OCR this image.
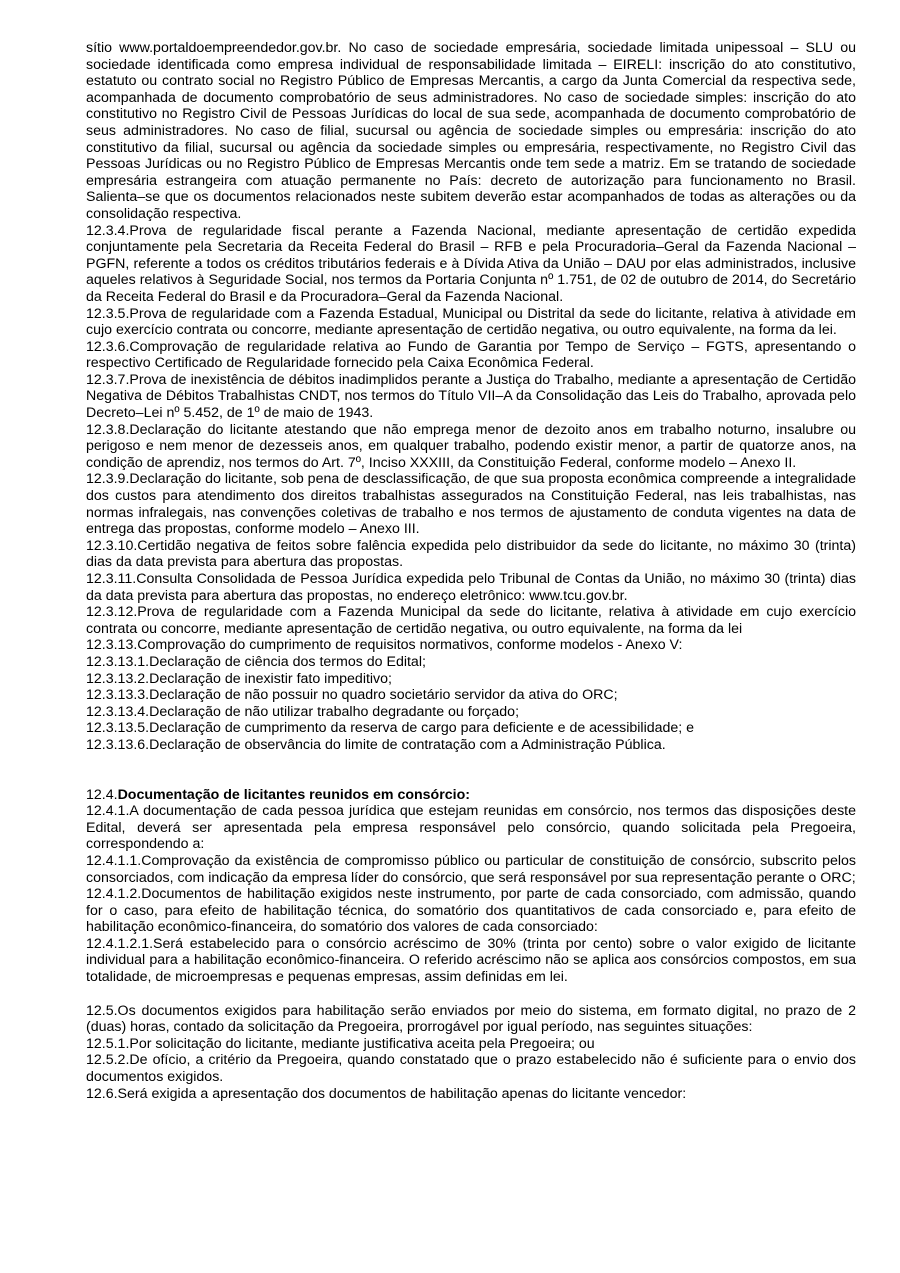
sítio www.portaldoempreendedor.gov.br. No caso de sociedade empresária, sociedade limitada unipessoal – SLU ou sociedade identificada como empresa individual de responsabilidade limitada – EIRELI: inscrição do ato constitutivo, estatuto ou contrato social no Registro Público de Empresas Mercantis, a cargo da Junta Comercial da respectiva sede, acompanhada de documento comprobatório de seus administradores. No caso de sociedade simples: inscrição do ato constitutivo no Registro Civil de Pessoas Jurídicas do local de sua sede, acompanhada de documento comprobatório de seus administradores. No caso de filial, sucursal ou agência de sociedade simples ou empresária: inscrição do ato constitutivo da filial, sucursal ou agência da sociedade simples ou empresária, respectivamente, no Registro Civil das Pessoas Jurídicas ou no Registro Público de Empresas Mercantis onde tem sede a matriz. Em se tratando de sociedade empresária estrangeira com atuação permanente no País: decreto de autorização para funcionamento no Brasil. Salienta–se que os documentos relacionados neste subitem deverão estar acompanhados de todas as alterações ou da consolidação respectiva.

12.3.4.Prova de regularidade fiscal perante a Fazenda Nacional, mediante apresentação de certidão expedida conjuntamente pela Secretaria da Receita Federal do Brasil – RFB e pela Procuradoria–Geral da Fazenda Nacional – PGFN, referente a todos os créditos tributários federais e à Dívida Ativa da União – DAU por elas administrados, inclusive aqueles relativos à Seguridade Social, nos termos da Portaria Conjunta nº 1.751, de 02 de outubro de 2014, do Secretário da Receita Federal do Brasil e da Procuradora–Geral da Fazenda Nacional.

12.3.5.Prova de regularidade com a Fazenda Estadual, Municipal ou Distrital da sede do licitante, relativa à atividade em cujo exercício contrata ou concorre, mediante apresentação de certidão negativa, ou outro equivalente, na forma da lei.

12.3.6.Comprovação de regularidade relativa ao Fundo de Garantia por Tempo de Serviço – FGTS, apresentando o respectivo Certificado de Regularidade fornecido pela Caixa Econômica Federal.

12.3.7.Prova de inexistência de débitos inadimplidos perante a Justiça do Trabalho, mediante a apresentação de Certidão Negativa de Débitos Trabalhistas CNDT, nos termos do Título VII–A da Consolidação das Leis do Trabalho, aprovada pelo Decreto–Lei nº 5.452, de 1º de maio de 1943.

12.3.8.Declaração do licitante atestando que não emprega menor de dezoito anos em trabalho noturno, insalubre ou perigoso e nem menor de dezesseis anos, em qualquer trabalho, podendo existir menor, a partir de quatorze anos, na condição de aprendiz, nos termos do Art. 7º, Inciso XXXIII, da Constituição Federal, conforme modelo – Anexo II.

12.3.9.Declaração do licitante, sob pena de desclassificação, de que sua proposta econômica compreende a integralidade dos custos para atendimento dos direitos trabalhistas assegurados na Constituição Federal, nas leis trabalhistas, nas normas infralegais, nas convenções coletivas de trabalho e nos termos de ajustamento de conduta vigentes na data de entrega das propostas, conforme modelo – Anexo III.

12.3.10.Certidão negativa de feitos sobre falência expedida pelo distribuidor da sede do licitante, no máximo 30 (trinta) dias da data prevista para abertura das propostas.

12.3.11.Consulta Consolidada de Pessoa Jurídica expedida pelo Tribunal de Contas da União, no máximo 30 (trinta) dias da data prevista para abertura das propostas, no endereço eletrônico: www.tcu.gov.br.

12.3.12.Prova de regularidade com a Fazenda Municipal da sede do licitante, relativa à atividade em cujo exercício contrata ou concorre, mediante apresentação de certidão negativa, ou outro equivalente, na forma da lei

12.3.13.Comprovação do cumprimento de requisitos normativos, conforme modelos - Anexo V:

12.3.13.1.Declaração de ciência dos termos do Edital;

12.3.13.2.Declaração de inexistir fato impeditivo;

12.3.13.3.Declaração de não possuir no quadro societário servidor da ativa do ORC;

12.3.13.4.Declaração de não utilizar trabalho degradante ou forçado;

12.3.13.5.Declaração de cumprimento da reserva de cargo para deficiente e de acessibilidade; e

12.3.13.6.Declaração de observância do limite de contratação com a Administração Pública.

12.4.Documentação de licitantes reunidos em consórcio:

12.4.1.A documentação de cada pessoa jurídica que estejam reunidas em consórcio, nos termos das disposições deste Edital, deverá ser apresentada pela empresa responsável pelo consórcio, quando solicitada pela Pregoeira, correspondendo a:

12.4.1.1.Comprovação da existência de compromisso público ou particular de constituição de consórcio, subscrito pelos consorciados, com indicação da empresa líder do consórcio, que será responsável por sua representação perante o ORC;

12.4.1.2.Documentos de habilitação exigidos neste instrumento, por parte de cada consorciado, com admissão, quando for o caso, para efeito de habilitação técnica, do somatório dos quantitativos de cada consorciado e, para efeito de habilitação econômico-financeira, do somatório dos valores de cada consorciado:

12.4.1.2.1.Será estabelecido para o consórcio acréscimo de 30% (trinta por cento) sobre o valor exigido de licitante individual para a habilitação econômico-financeira. O referido acréscimo não se aplica aos consórcios compostos, em sua totalidade, de microempresas e pequenas empresas, assim definidas em lei.

12.5.Os documentos exigidos para habilitação serão enviados por meio do sistema, em formato digital, no prazo de 2 (duas) horas, contado da solicitação da Pregoeira, prorrogável por igual período, nas seguintes situações:

12.5.1.Por solicitação do licitante, mediante justificativa aceita pela Pregoeira; ou

12.5.2.De ofício, a critério da Pregoeira, quando constatado que o prazo estabelecido não é suficiente para o envio dos documentos exigidos.

12.6.Será exigida a apresentação dos documentos de habilitação apenas do licitante vencedor:
